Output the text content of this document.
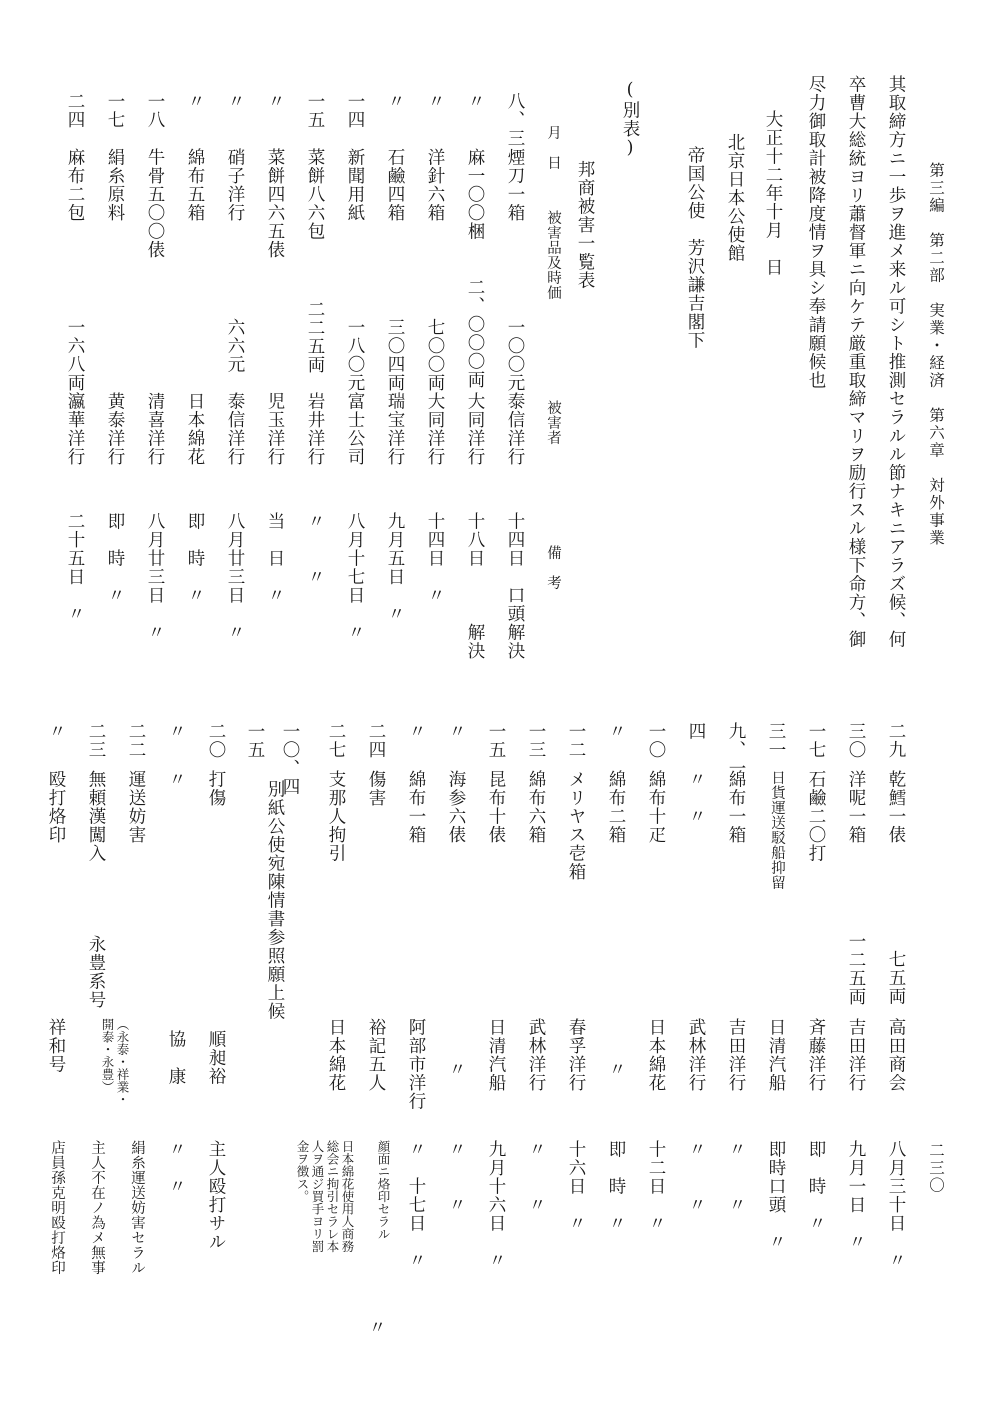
第三編　第二部　実業・経済　第六章　対外事業
二三〇
其取締方ニ一歩ヲ進メ来ル可シト推測セラルル節ナキニアラズ候、何
卒曹大総統ヨリ蕭督軍ニ向ケテ厳重取締マリヲ励行スル様下命方、御
尽力御取計被降度情ヲ具シ奉請願候也
大正十二年十月　日
北京日本公使館
帝国公使　芳沢謙吉閣下
(別表)
邦商被害一覧表
月　日
被害品及時価
被害者
備　考
八、三
煙刀一箱
一〇〇元
泰信洋行
十四日　口頭解決
〃
麻一〇〇梱
二、〇〇〇両
大同洋行
十八日　　　解決
〃
洋針六箱
七〇〇両
大同洋行
十四日　〃
〃
石鹼四箱
三〇四両
瑞宝洋行
九月五日　〃
一四
新聞用紙
一八〇元
富士公司
八月十七日　〃
一五
菜餅八六包
二二五両
岩井洋行
〃　　〃
〃
菜餅四六五俵
児玉洋行
当　日　〃
〃
硝子洋行
六六元
泰信洋行
八月廿三日　〃
〃
綿布五箱
日本綿花
即　時　〃
一八
牛骨五〇〇俵
清喜洋行
八月廿三日　〃
一七
絹糸原料
黄泰洋行
即　時　〃
二四
麻布二包
一六八両
瀛華洋行
二十五日　〃
二九
乾鱈一俵
七五両
高田商会
八月三十日　〃
三〇
洋呢一箱
一二五両
吉田洋行
九月一日　〃
一七
石鹼二〇打
斉藤洋行
即　時　〃
三一
日貨運送駁船抑留
日清汽船
即時口頭　〃
九、一
綿布一箱
吉田洋行
〃　　〃
四
〃　〃
武林洋行
〃　　〃
一〇
綿布十疋
日本綿花
十二日　〃
〃
綿布二箱
〃
即　時　〃
一二
メリヤス壱箱
春孚洋行
十六日　〃
一三
綿布六箱
武林洋行
〃　　〃
一五
昆布十俵
日清汽船
九月十六日　〃
〃
海参六俵
〃
〃　　〃
〃
綿布一箱
阿部市洋行
〃　十七日　〃
二四
傷害
裕記五人
顔面ニ烙印セラル
〃
二七
支那人拘引
日本綿花
日本綿花使用人商務
総会ニ拘引セラレ本
人ヲ通ジ買手ヨリ罰
金ヲ徴ス。
一〇、四
一五
別紙公使宛陳情書参照願上候
二〇
打傷
順昶裕
主人殴打サル
〃
〃
協　康
〃　〃
二二
運送妨害
絹糸運送妨害セラル
二三
無頼漢闖入
永豊系号
（永泰・祥業・
開泰・永豊）
主人不在ノ為メ無事
〃
殴打烙印
祥和号
店員孫克明殴打烙印
